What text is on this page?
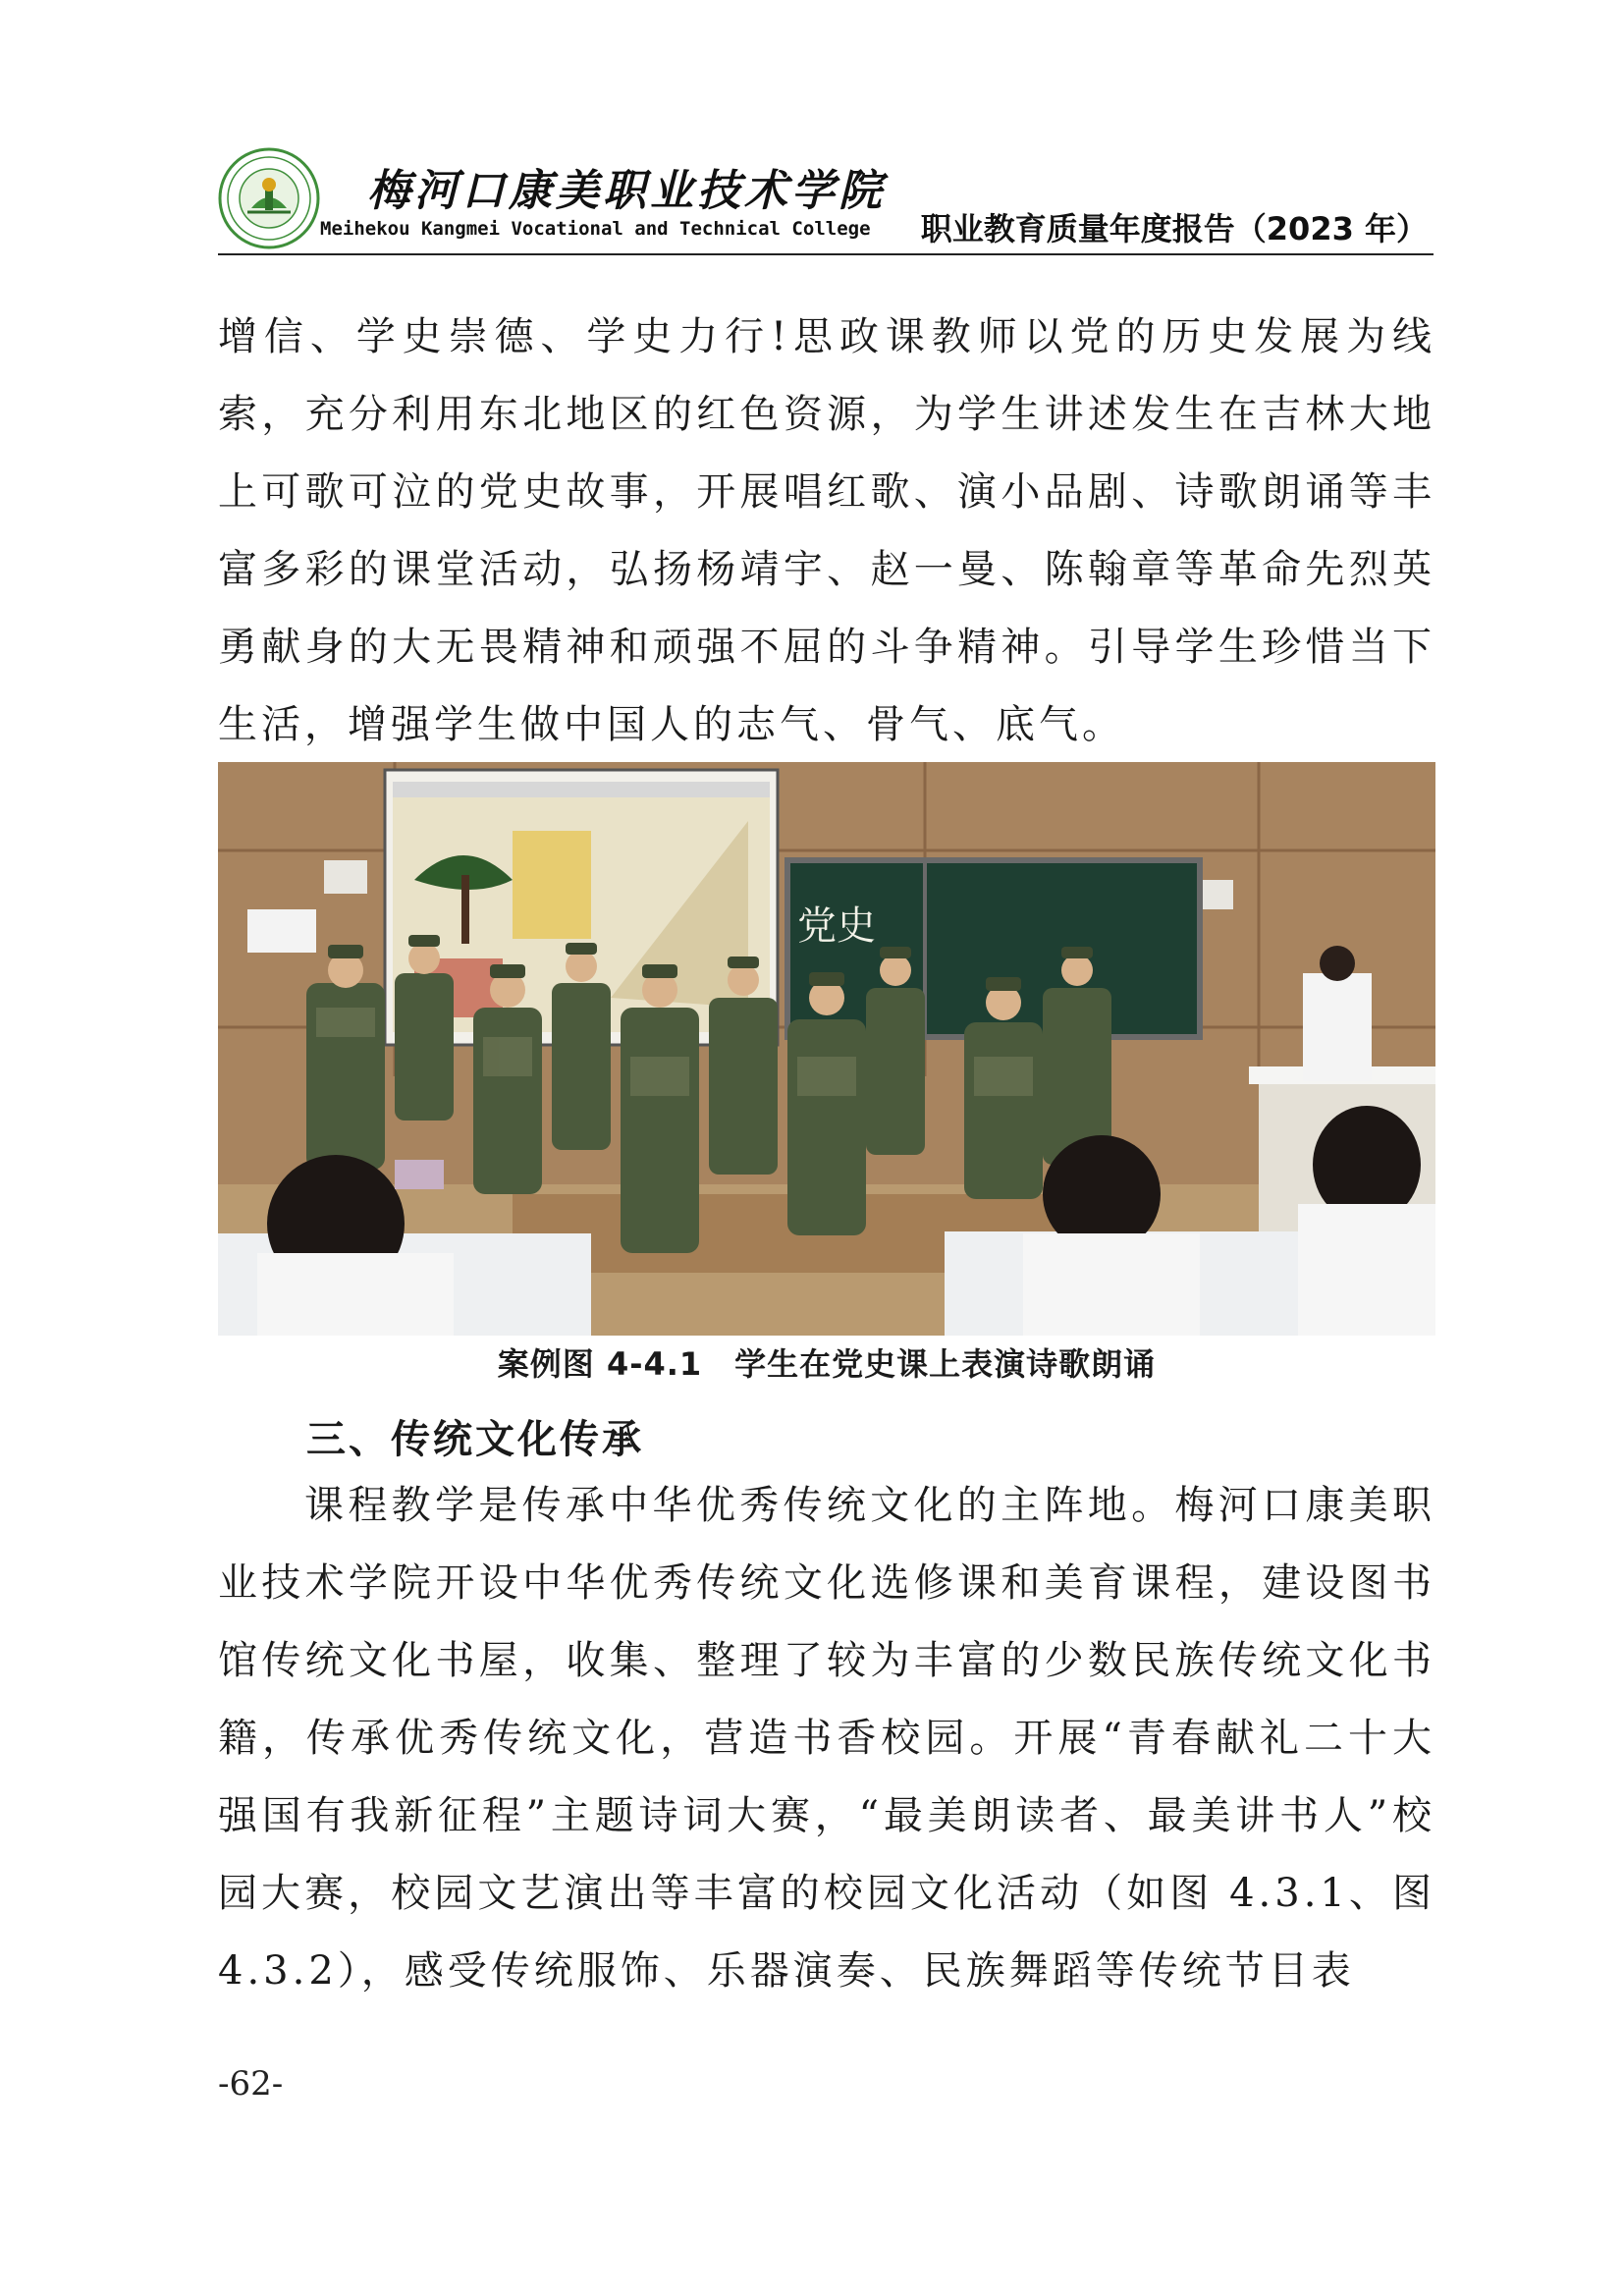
梅河口康美职业技术学院
Meihekou Kangmei Vocational and Technical College 职业教育质量年度报告（2023 年）

增信、学史崇德、学史力行!思政课教师以党的历史发展为线索，充分利用东北地区的红色资源，为学生讲述发生在吉林大地上可歌可泣的党史故事，开展唱红歌、演小品剧、诗歌朗诵等丰富多彩的课堂活动，弘扬杨靖宇、赵一曼、陈翰章等革命先烈英勇献身的大无畏精神和顽强不屈的斗争精神。引导学生珍惜当下生活，增强学生做中国人的志气、骨气、底气。

党史
案例图 4-4.1　学生在党史课上表演诗歌朗诵
三、传统文化传承

课程教学是传承中华优秀传统文化的主阵地。梅河口康美职业技术学院开设中华优秀传统文化选修课和美育课程，建设图书馆传统文化书屋，收集、整理了较为丰富的少数民族传统文化书籍，传承优秀传统文化，营造书香校园。开展“青春献礼二十大强国有我新征程”主题诗词大赛，“最美朗读者、最美讲书人”校园大赛，校园文艺演出等丰富的校园文化活动（如图 4.3.1、图 4.3.2），感受传统服饰、乐器演奏、民族舞蹈等传统节目表

-62-
